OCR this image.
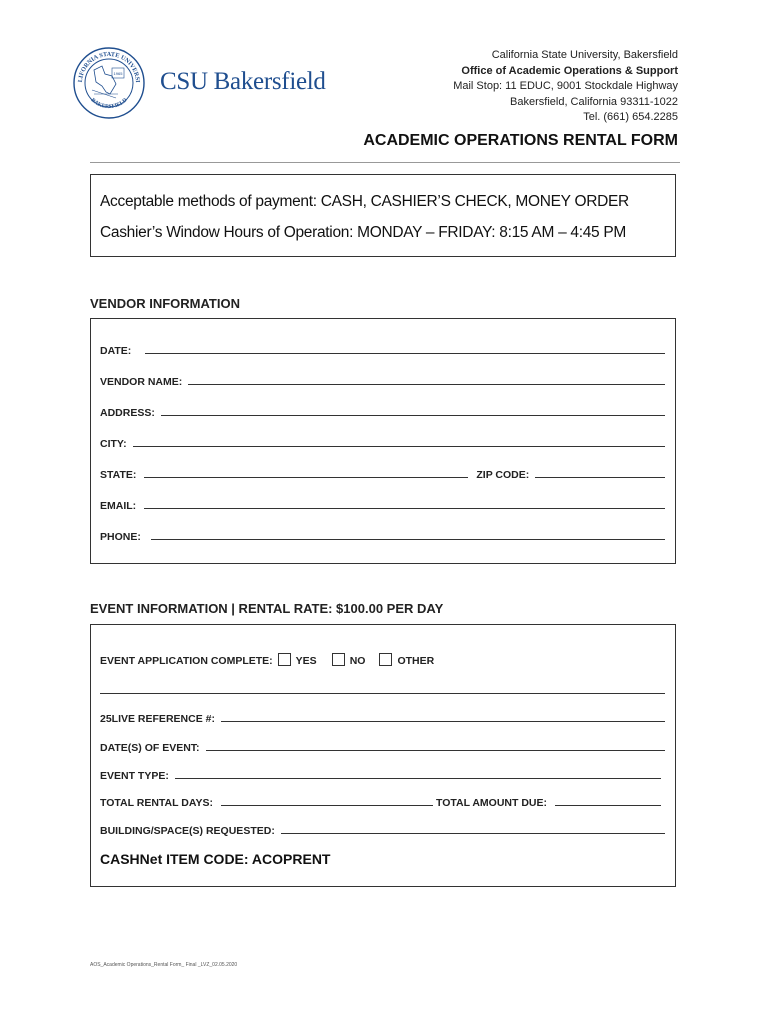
LIFORNIA STATE UNIVERSI
BAKERSFIELD
1965 CSU Bakersfield
California State University, Bakersfield
Office of Academic Operations & Support
Mail Stop: 11 EDUC, 9001 Stockdale Highway
Bakersfield, California 93311-1022
Tel. (661) 654.2285
ACADEMIC OPERATIONS RENTAL FORM
Acceptable methods of payment: CASH, CASHIER’S CHECK, MONEY ORDER
Cashier’s Window Hours of Operation: MONDAY – FRIDAY: 8:15 AM – 4:45 PM
VENDOR INFORMATION
DATE:
VENDOR NAME:
ADDRESS:
CITY:
STATE:	ZIP CODE:
EMAIL:
PHONE:
EVENT INFORMATION | RENTAL RATE: $100.00 PER DAY
EVENT APPLICATION COMPLETE: YES	NO	OTHER
25LIVE REFERENCE #:
DATE(S) OF EVENT:
EVENT TYPE:
TOTAL RENTAL DAYS:	TOTAL AMOUNT DUE:
BUILDING/SPACE(S) REQUESTED:
CASHNet ITEM CODE: ACOPRENT
AOS_Academic Operations_Rental Form_ Final _LVZ_02.05.2020
